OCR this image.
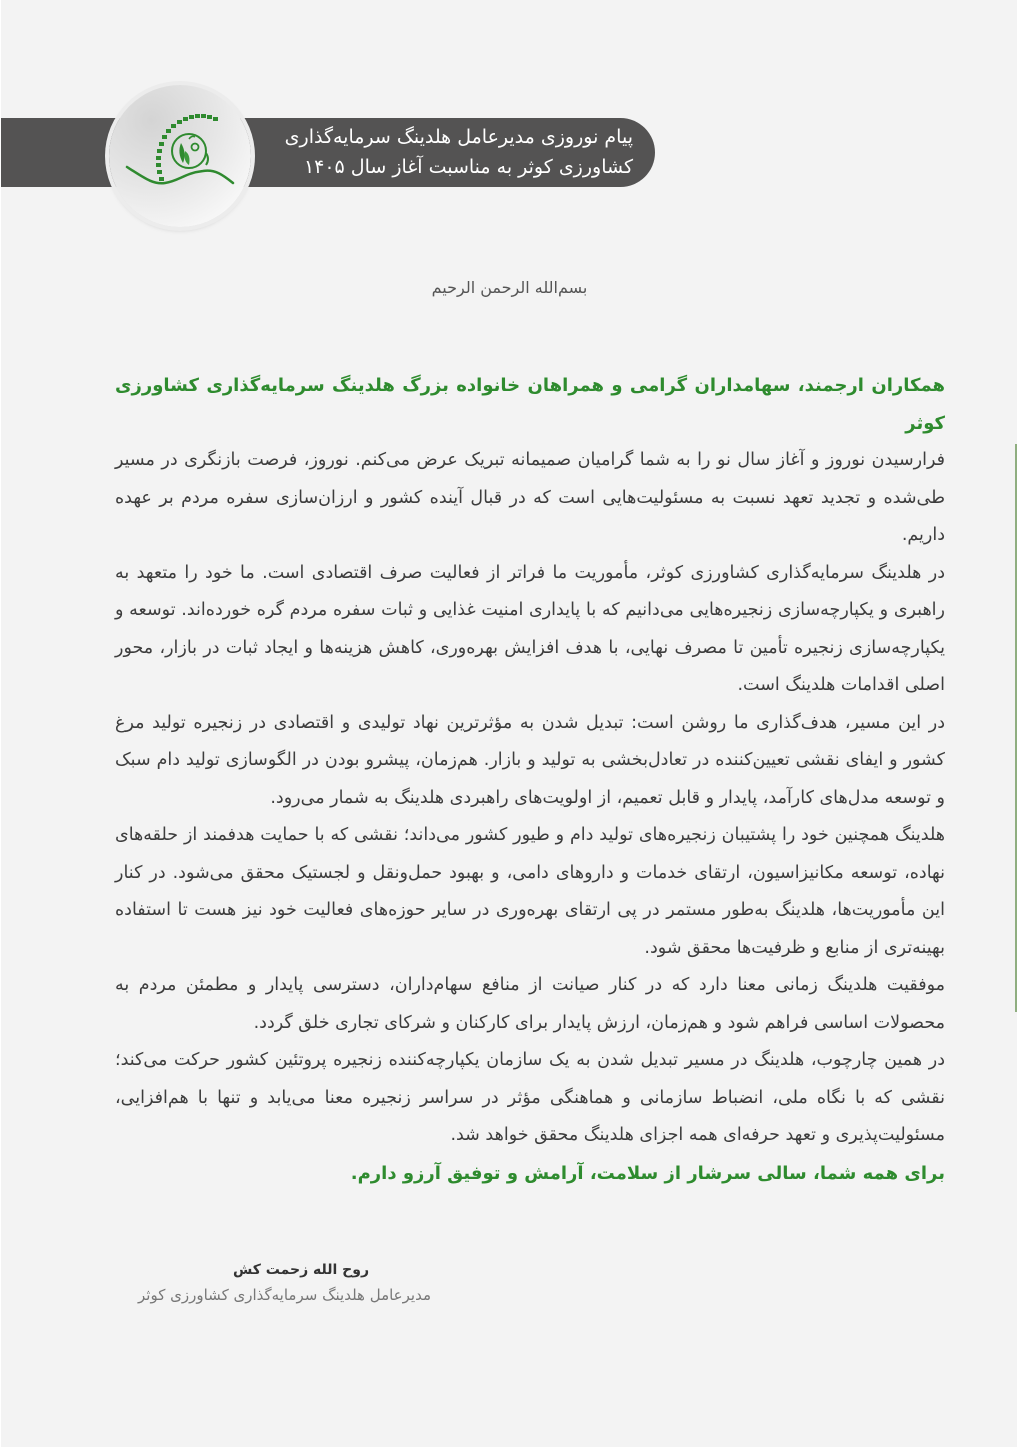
پیام نوروزی مدیرعامل هلدینگ سرمایه‌گذاری
کشاورزی کوثر به مناسبت آغاز سال ۱۴۰۵
بسم‌الله الرحمن الرحیم

همکاران ارجمند، سهامداران گرامی و همراهان خانواده بزرگ هلدینگ سرمایه‌گذاری کشاورزی کوثر

فرارسیدن نوروز و آغاز سال نو را به شما گرامیان صمیمانه تبریک عرض می‌کنم. نوروز، فرصت بازنگری در مسیر طی‌شده و تجدید تعهد نسبت به مسئولیت‌هایی است که در قبال آینده کشور و ارزان‌سازی سفره مردم بر عهده داریم.

در هلدینگ سرمایه‌گذاری کشاورزی کوثر، مأموریت ما فراتر از فعالیت صرف اقتصادی است. ما خود را متعهد به راهبری و یکپارچه‌سازی زنجیره‌هایی می‌دانیم که با پایداری امنیت غذایی و ثبات سفره مردم گره خورده‌اند. توسعه و یکپارچه‌سازی زنجیره تأمین تا مصرف نهایی، با هدف افزایش بهره‌وری، کاهش هزینه‌ها و ایجاد ثبات در بازار، محور اصلی اقدامات هلدینگ است.

در این مسیر، هدف‌گذاری ما روشن است: تبدیل شدن به مؤثرترین نهاد تولیدی و اقتصادی در زنجیره تولید مرغ کشور و ایفای نقشی تعیین‌کننده در تعادل‌بخشی به تولید و بازار. هم‌زمان، پیشرو بودن در الگوسازی تولید دام سبک و توسعه مدل‌های کارآمد، پایدار و قابل تعمیم، از اولویت‌های راهبردی هلدینگ به شمار می‌رود.

هلدینگ همچنین خود را پشتیبان زنجیره‌های تولید دام و طیور کشور می‌داند؛ نقشی که با حمایت هدفمند از حلقه‌های نهاده، توسعه مکانیزاسیون، ارتقای خدمات و داروهای دامی، و بهبود حمل‌ونقل و لجستیک محقق می‌شود. در کنار این مأموریت‌ها، هلدینگ به‌طور مستمر در پی ارتقای بهره‌وری در سایر حوزه‌های فعالیت خود نیز هست تا استفاده بهینه‌تری از منابع و ظرفیت‌ها محقق شود.

موفقیت هلدینگ زمانی معنا دارد که در کنار صیانت از منافع سهام‌داران، دسترسی پایدار و مطمئن مردم به محصولات اساسی فراهم شود و هم‌زمان، ارزش پایدار برای کارکنان و شرکای تجاری خلق گردد.

در همین چارچوب، هلدینگ در مسیر تبدیل شدن به یک سازمان یکپارچه‌کننده زنجیره پروتئین کشور حرکت می‌کند؛ نقشی که با نگاه ملی، انضباط سازمانی و هماهنگی مؤثر در سراسر زنجیره معنا می‌یابد و تنها با هم‌افزایی، مسئولیت‌پذیری و تعهد حرفه‌ای همه اجزای هلدینگ محقق خواهد شد.

برای همه شما، سالی سرشار از سلامت، آرامش و توفیق آرزو دارم.

روح الله زحمت کش
مدیرعامل هلدینگ سرمایه‌گذاری کشاورزی کوثر
